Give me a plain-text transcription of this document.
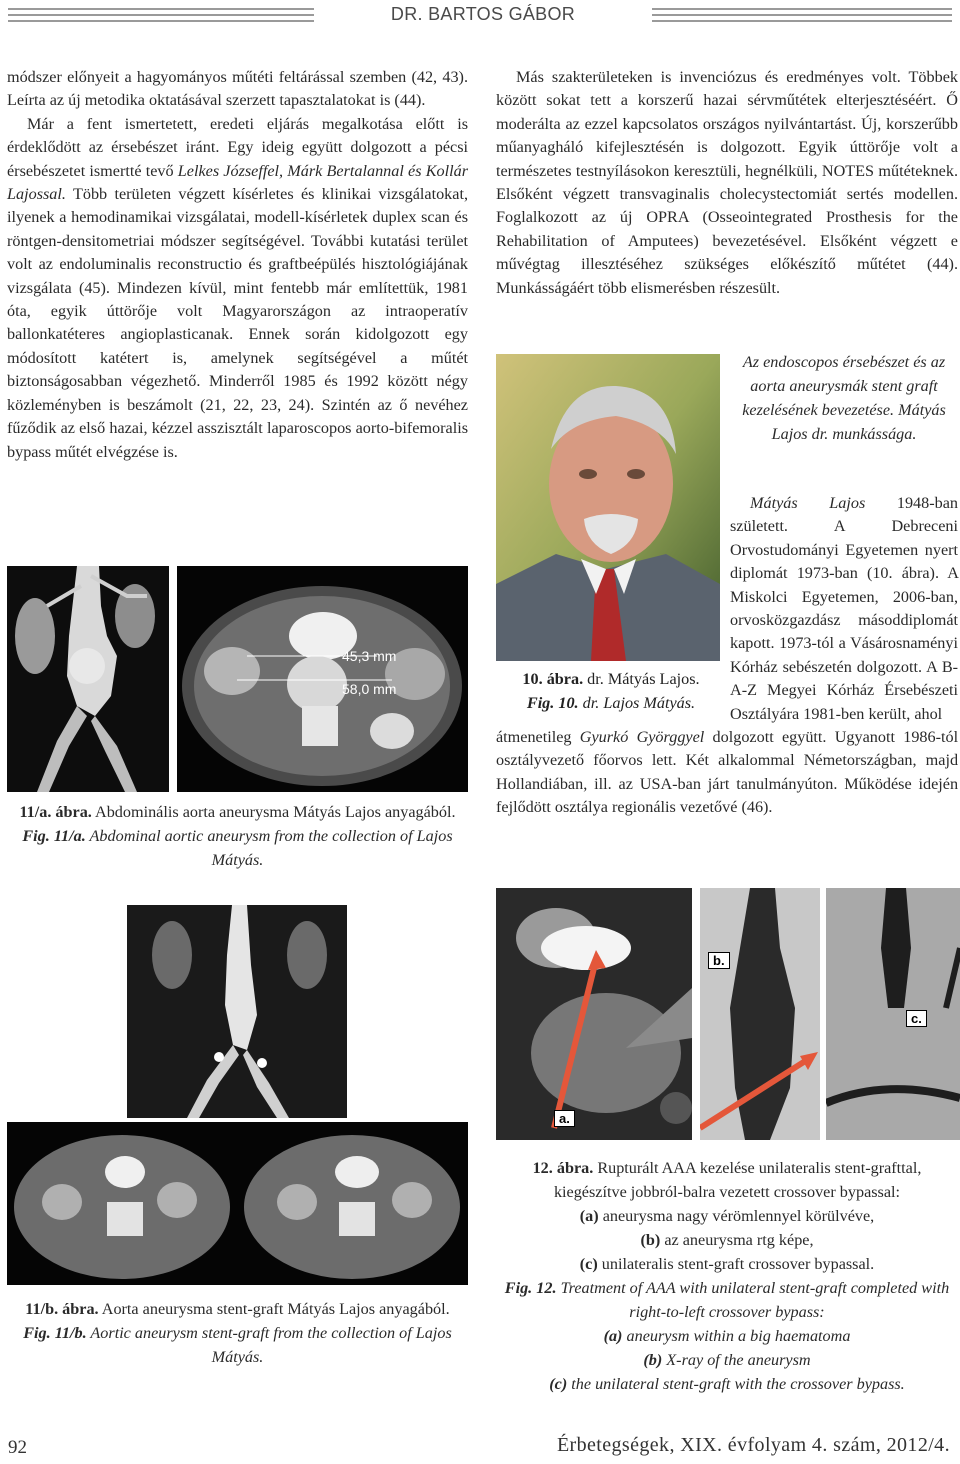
DR. BARTOS GÁBOR
módszer előnyeit a hagyományos műtéti feltárással szemben (42, 43). Leírta az új metodika oktatásával szerzett tapasztalatokat is (44).
Már a fent ismertetett, eredeti eljárás megalkotása előtt is érdeklődött az érsebészet iránt. Egy ideig együtt dolgozott a pécsi érsebészetet ismertté tevő Lelkes Józseffel, Márk Bertalannal és Kollár Lajossal. Több területen végzett kísérletes és klinikai vizsgálatokat, ilyenek a hemodinamikai vizsgálatai, modell-kísérletek duplex scan és röntgen-densitometriai módszer segítségével. További kutatási terület volt az endoluminalis reconstructio és graftbeépülés hisztológiájának vizsgálata (45). Mindezen kívül, mint fentebb már említettük, 1981 óta, egyik úttörője volt Magyarországon az intraoperatív ballonkatéteres angioplasticanak. Ennek során kidolgozott egy módosított katétert is, amelynek segítségével a műtét biztonságosabban végezhető. Minderről 1985 és 1992 között négy közleményben is beszámolt (21, 22, 23, 24). Szintén az ő nevéhez fűződik az első hazai, kézzel asszisztált laparoscopos aorto-bifemoralis bypass műtét elvégzése is.
45,3 mm
58,0 mm
11/a. ábra. Abdominális aorta aneurysma Mátyás Lajos anyagából.
Fig. 11/a. Abdominal aortic aneurysm from the collection of Lajos Mátyás.
11/b. ábra. Aorta aneurysma stent-graft Mátyás Lajos anyagából.
Fig. 11/b. Aortic aneurysm stent-graft from the collection of Lajos Mátyás.
Más szakterületeken is invenciózus és eredményes volt. Többek között sokat tett a korszerű hazai sérvműtétek elterjesztéséért. Ő moderálta az ezzel kapcsolatos országos nyilvántartást. Új, korszerűbb műanyagháló kifejlesztésén is dolgozott. Egyik úttörője volt a természetes testnyílásokon keresztüli, hegnélküli, NOTES műtéteknek. Elsőként végzett transvaginalis cholecystectomiát sertés modellen. Foglalkozott az új OPRA (Osseointegrated Prosthesis for the Rehabilitation of Amputees) bevezetésével. Elsőként végzett e művégtag illesztéséhez szükséges előkészítő műtétet (44). Munkásságáért több elismerésben részesült.
Az endoscopos érsebészet és az aorta aneurysmák stent graft kezelésének bevezetése. Mátyás Lajos dr. munkássága.
Mátyás Lajos 1948-ban született.	A	Debreceni Orvostudományi Egyetemen nyert diplomát 1973-ban (10. ábra). A Miskolci Egyetemen, 2006-ban, orvosközgazdász másoddiplomát kapott. 1973-tól a Vásárosnaményi Kórház sebészetén dolgozott. A B-A-Z Megyei Kórház Érsebészeti Osztályára 1981-ben került, ahol
10. ábra. dr. Mátyás Lajos.
Fig. 10. dr. Lajos Mátyás.
átmenetileg Gyurkó Györggyel dolgozott együtt. Ugyanott 1986-tól osztályvezető főorvos lett. Két alkalommal Németországban, majd Hollandiában, ill. az USA-ban járt tanulmányúton. Működése idején fejlődött osztálya regionális vezetővé (46).
a.
b.
c.
12. ábra. Rupturált AAA kezelése unilateralis stent-grafttal, kiegészítve jobbról-balra vezetett crossover bypassal:
(a) aneurysma nagy vérömlennyel körülvéve,
(b) az aneurysma rtg képe,
(c) unilateralis stent-graft crossover bypassal.
Fig. 12. Treatment of AAA with unilateral stent-graft completed with right-to-left crossover bypass:
(a) aneurysm within a big haematoma
(b) X-ray of the aneurysm
(c) the unilateral stent-graft with the crossover bypass.
92	Érbetegségek, XIX. évfolyam 4. szám, 2012/4.
